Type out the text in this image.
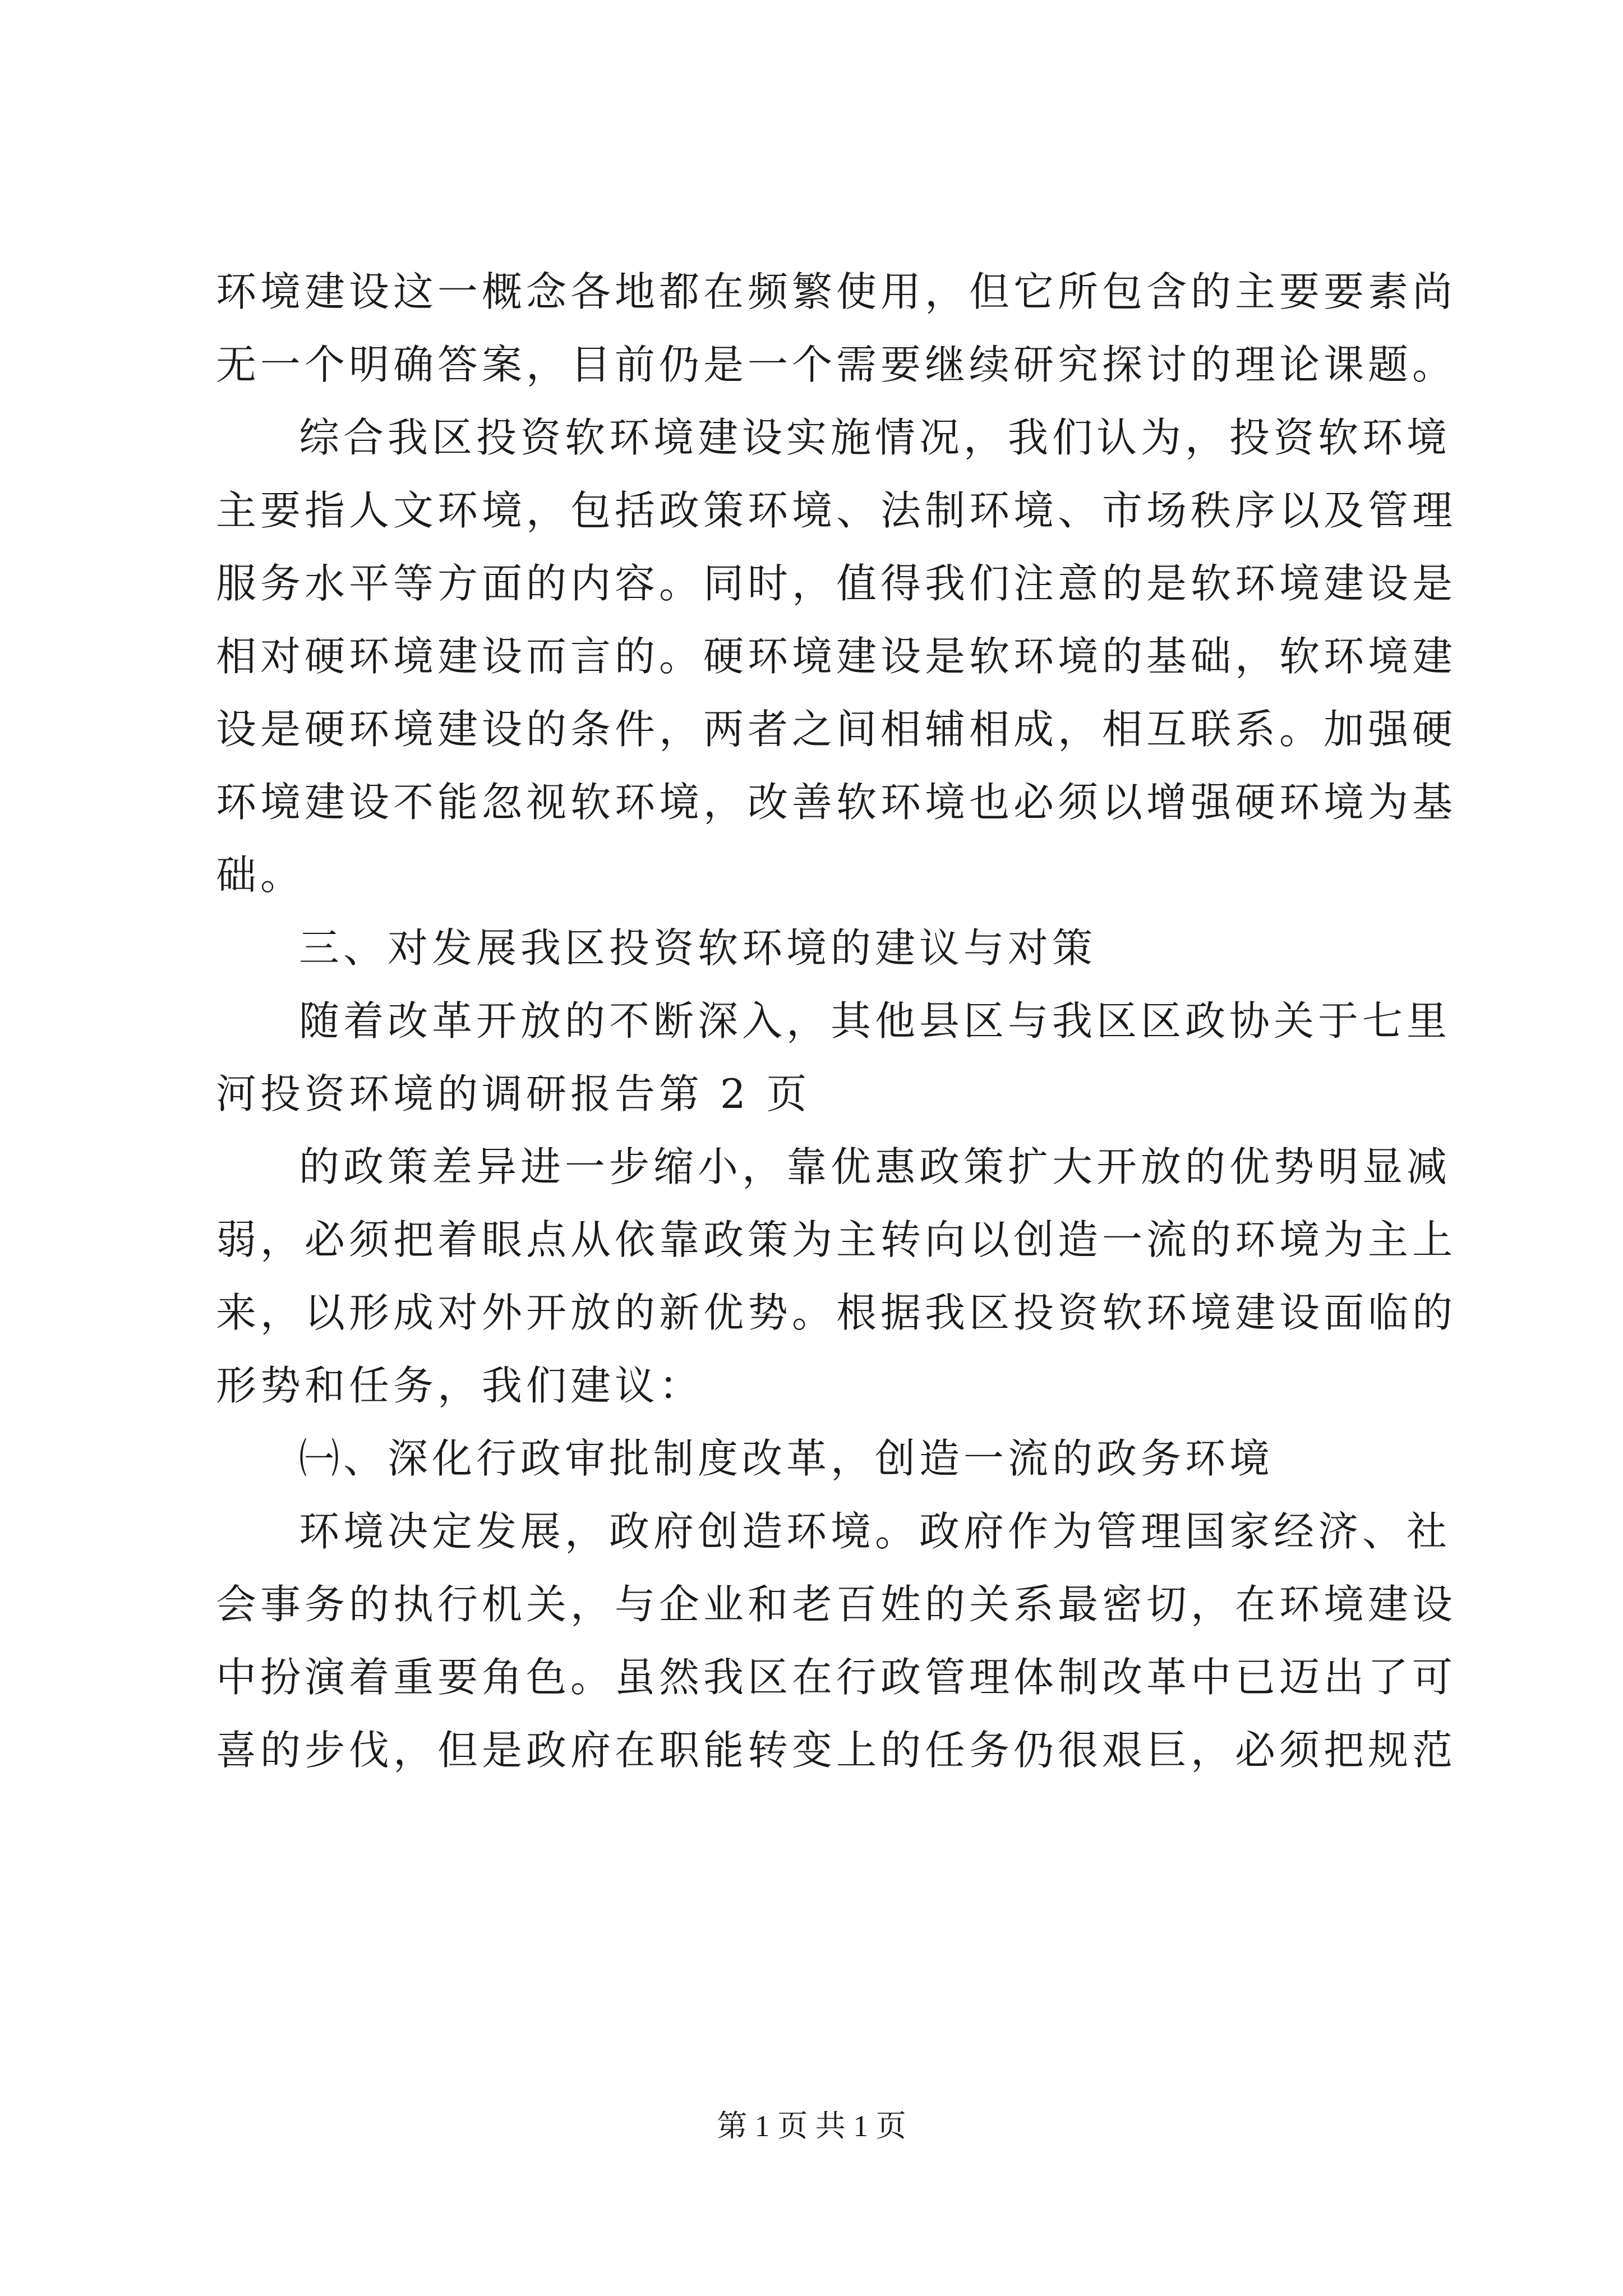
环境建设这一概念各地都在频繁使用，但它所包含的主要要素尚
无一个明确答案，目前仍是一个需要继续研究探讨的理论课题。
综合我区投资软环境建设实施情况，我们认为，投资软环境
主要指人文环境，包括政策环境、法制环境、市场秩序以及管理
服务水平等方面的内容。同时，值得我们注意的是软环境建设是
相对硬环境建设而言的。硬环境建设是软环境的基础，软环境建
设是硬环境建设的条件，两者之间相辅相成，相互联系。加强硬
环境建设不能忽视软环境，改善软环境也必须以增强硬环境为基
础。
三、对发展我区投资软环境的建议与对策
随着改革开放的不断深入，其他县区与我区区政协关于七里
河投资环境的调研报告第 2 页
的政策差异进一步缩小，靠优惠政策扩大开放的优势明显减
弱，必须把着眼点从依靠政策为主转向以创造一流的环境为主上
来，以形成对外开放的新优势。根据我区投资软环境建设面临的
形势和任务，我们建议：
㈠、深化行政审批制度改革，创造一流的政务环境
环境决定发展，政府创造环境。政府作为管理国家经济、社
会事务的执行机关，与企业和老百姓的关系最密切，在环境建设
中扮演着重要角色。虽然我区在行政管理体制改革中已迈出了可
喜的步伐，但是政府在职能转变上的任务仍很艰巨，必须把规范
第 1 页 共 1 页
